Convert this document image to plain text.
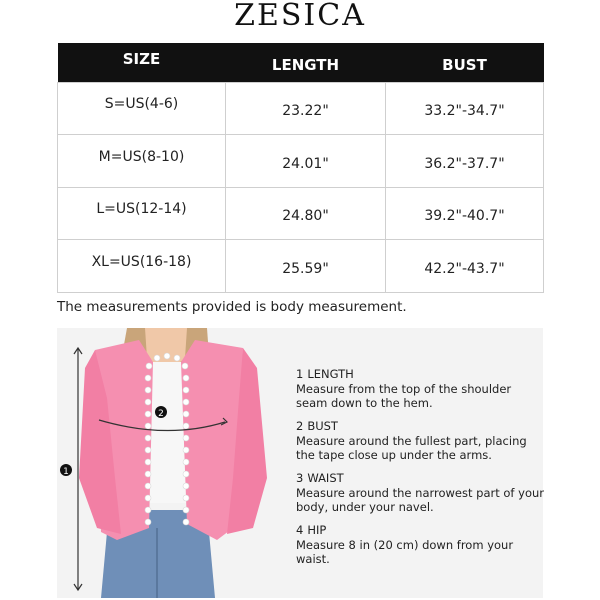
ZESICA
SIZE	LENGTH	BUST
S=US(4-6)	23.22"	33.2"-34.7"
M=US(8-10)	24.01"	36.2"-37.7"
L=US(12-14)	24.80"	39.2"-40.7"
XL=US(16-18)	25.59"	42.2"-43.7"
The measurements provided is body measurement.
2
1
1 LENGTH
Measure from the top of the shoulder seam down to the hem.
2 BUST
Measure around the fullest part, placing the tape close up under the arms.
3 WAIST
Measure around the narrowest part of your body, under your navel.
4 HIP
Measure 8 in (20 cm) down from your waist.
